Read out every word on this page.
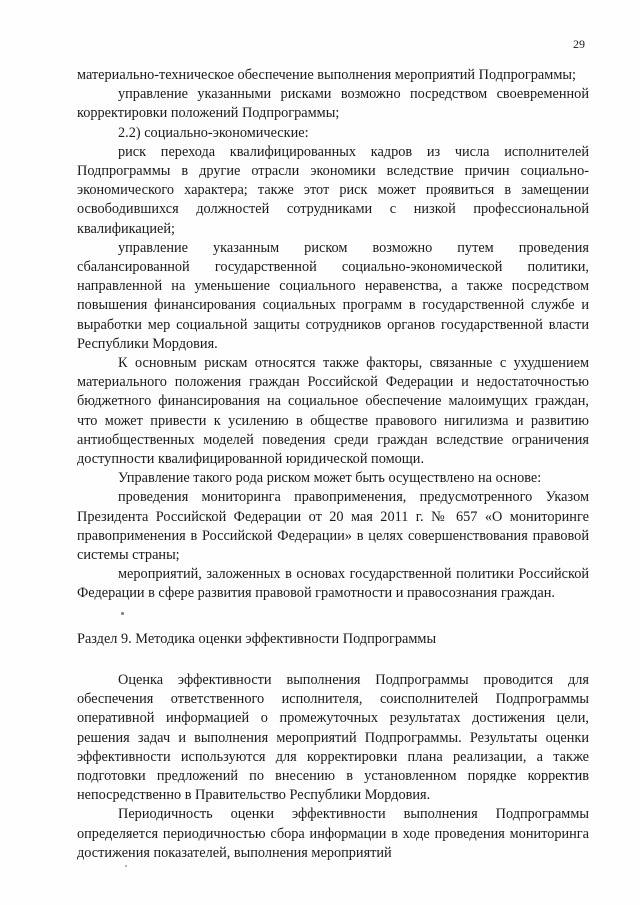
29

материально-техническое обеспечение выполнения мероприятий Подпрограммы;

управление указанными рисками возможно посредством своевременной корректировки положений Подпрограммы;

2.2) социально-экономические:

риск перехода квалифицированных кадров из числа исполнителей Подпрограммы в другие отрасли экономики вследствие причин социально-экономического характера; также этот риск может проявиться в замещении освободившихся должностей сотрудниками с низкой профессиональной квалификацией;

управление указанным риском возможно путем проведения сбалансированной государственной социально-экономической политики, направленной на уменьшение социального неравенства, а также посредством повышения финансирования социальных программ в государственной службе и выработки мер социальной защиты сотрудников органов государственной власти Республики Мордовия.

К основным рискам относятся также факторы, связанные с ухудшением материального положения граждан Российской Федерации и недостаточностью бюджетного финансирования на социальное обеспечение малоимущих граждан, что может привести к усилению в обществе правового нигилизма и развитию антиобщественных моделей поведения среди граждан вследствие ограничения доступности квалифицированной юридической помощи.

Управление такого рода риском может быть осуществлено на основе:

проведения мониторинга правоприменения, предусмотренного Указом Президента Российской Федерации от 20 мая 2011 г. № 657 «О мониторинге правоприменения в Российской Федерации» в целях совершенствования правовой системы страны;

мероприятий, заложенных в основах государственной политики Российской Федерации в сфере развития правовой грамотности и правосознания граждан.

Раздел 9. Методика оценки эффективности Подпрограммы

Оценка эффективности выполнения Подпрограммы проводится для обеспечения ответственного исполнителя, соисполнителей Подпрограммы оперативной информацией о промежуточных результатах достижения цели, решения задач и выполнения мероприятий Подпрограммы. Результаты оценки эффективности используются для корректировки плана реализации, а также подготовки предложений по внесению в установленном порядке корректив непосредственно в Правительство Республики Мордовия.

Периодичность оценки эффективности выполнения Подпрограммы определяется периодичностью сбора информации в ходе проведения мониторинга достижения показателей, выполнения мероприятий
